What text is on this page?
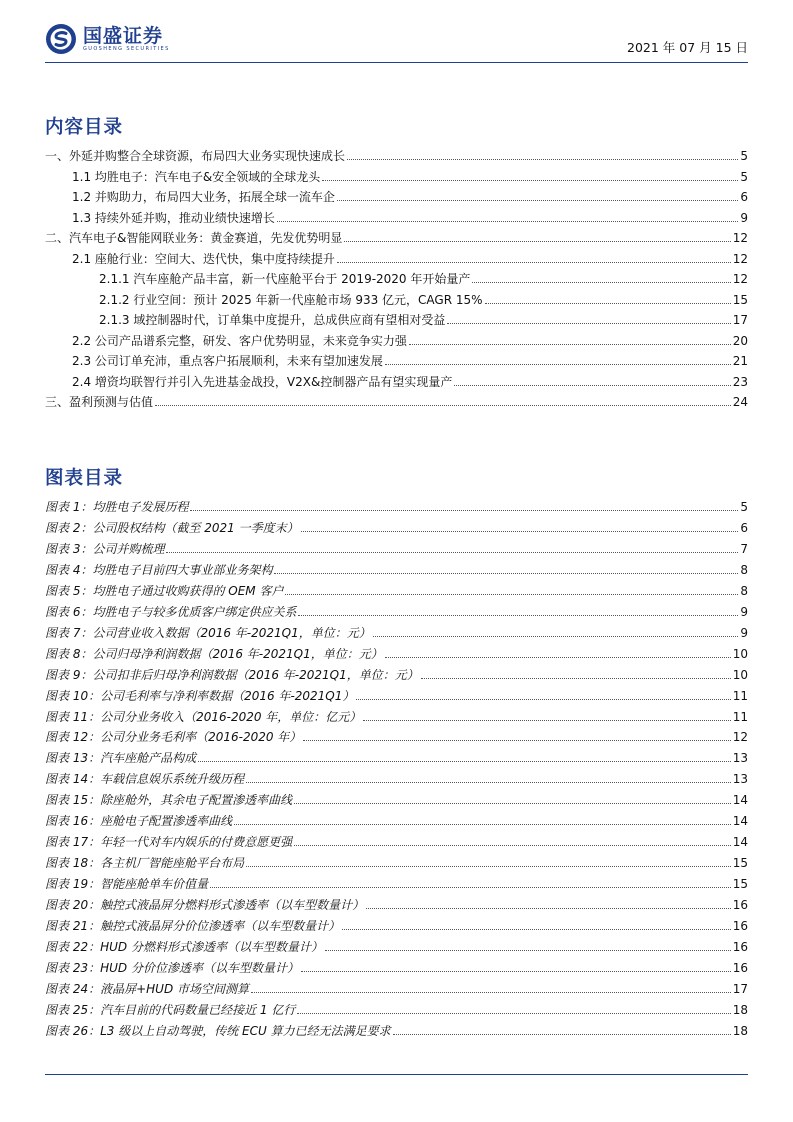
国盛证券
GUOSHENG SECURITIES	2021 年 07 月 15 日
内容目录
一、外延并购整合全球资源，布局四大业务实现快速成长	5
1.1 均胜电子：汽车电子&安全领域的全球龙头	5
1.2 并购助力，布局四大业务，拓展全球一流车企	6
1.3 持续外延并购，推动业绩快速增长	9
二、汽车电子&智能网联业务：黄金赛道，先发优势明显	12
2.1 座舱行业：空间大、迭代快，集中度持续提升	12
2.1.1 汽车座舱产品丰富，新一代座舱平台于 2019-2020 年开始量产	12
2.1.2 行业空间：预计 2025 年新一代座舱市场 933 亿元，CAGR 15%	15
2.1.3 域控制器时代，订单集中度提升，总成供应商有望相对受益	17
2.2 公司产品谱系完整，研发、客户优势明显，未来竞争实力强	20
2.3 公司订单充沛，重点客户拓展顺利，未来有望加速发展	21
2.4 增资均联智行并引入先进基金战投，V2X&控制器产品有望实现量产	23
三、盈利预测与估值	24
图表目录
图表 1：均胜电子发展历程	5
图表 2：公司股权结构（截至 2021 一季度末）	6
图表 3：公司并购梳理	7
图表 4：均胜电子目前四大事业部业务架构	8
图表 5：均胜电子通过收购获得的 OEM 客户	8
图表 6：均胜电子与较多优质客户绑定供应关系	9
图表 7：公司营业收入数据（2016 年-2021Q1，单位：元）	9
图表 8：公司归母净利润数据（2016 年-2021Q1，单位：元）	10
图表 9：公司扣非后归母净利润数据（2016 年-2021Q1，单位：元）	10
图表 10：公司毛利率与净利率数据（2016 年-2021Q1）	11
图表 11：公司分业务收入（2016-2020 年，单位：亿元）	11
图表 12：公司分业务毛利率（2016-2020 年）	12
图表 13：汽车座舱产品构成	13
图表 14：车载信息娱乐系统升级历程	13
图表 15：除座舱外，其余电子配置渗透率曲线	14
图表 16：座舱电子配置渗透率曲线	14
图表 17：年轻一代对车内娱乐的付费意愿更强	14
图表 18：各主机厂智能座舱平台布局	15
图表 19：智能座舱单车价值量	15
图表 20：触控式液晶屏分燃料形式渗透率（以车型数量计）	16
图表 21：触控式液晶屏分价位渗透率（以车型数量计）	16
图表 22：HUD 分燃料形式渗透率（以车型数量计）	16
图表 23：HUD 分价位渗透率（以车型数量计）	16
图表 24：液晶屏+HUD 市场空间测算	17
图表 25：汽车目前的代码数量已经接近 1 亿行	18
图表 26：L3 级以上自动驾驶，传统 ECU 算力已经无法满足要求	18
